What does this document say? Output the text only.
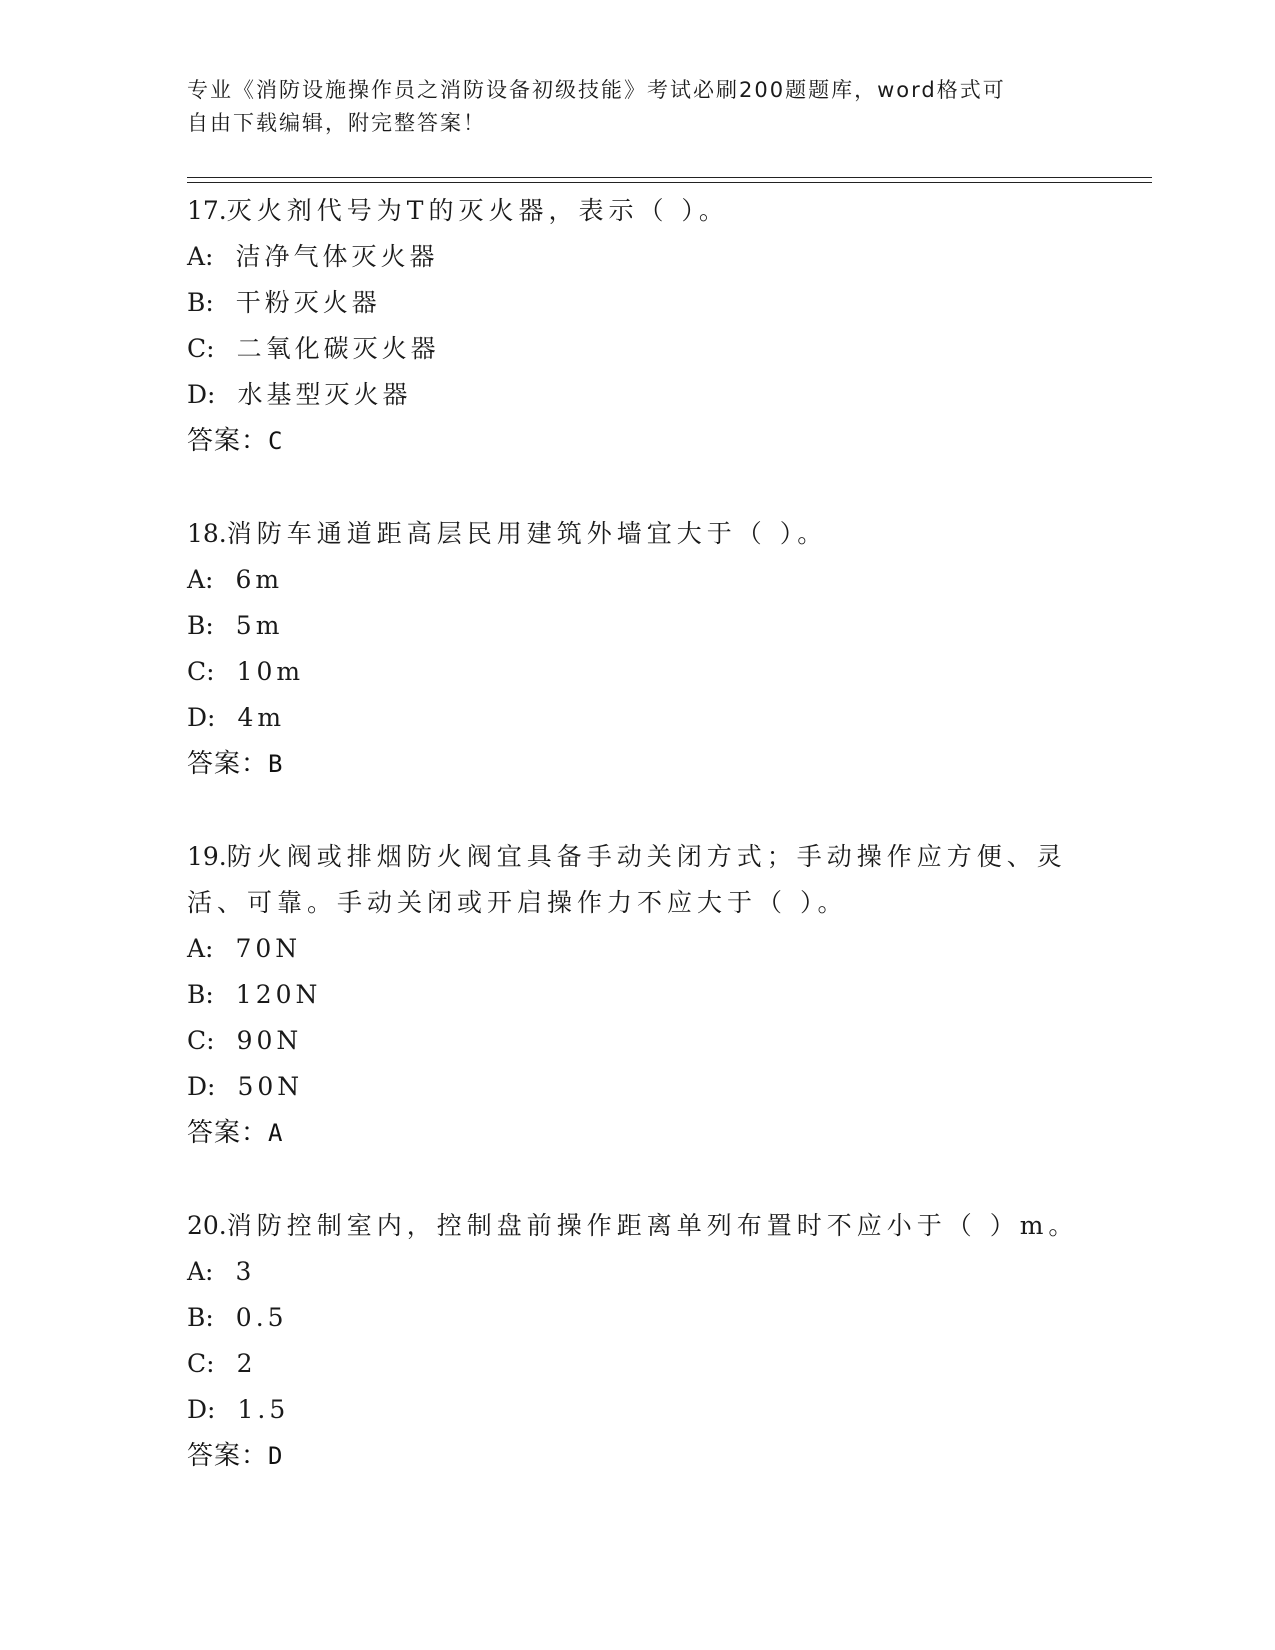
专业《消防设施操作员之消防设备初级技能》考试必刷200题题库，word格式可
自由下载编辑，附完整答案！
17.灭火剂代号为T的灭火器，表示（ ）。
A: 洁净气体灭火器
B: 干粉灭火器
C: 二氧化碳灭火器
D: 水基型灭火器
答案：C
18.消防车通道距高层民用建筑外墙宜大于（ ）。
A: 6m
B: 5m
C: 10m
D: 4m
答案：B
19.防火阀或排烟防火阀宜具备手动关闭方式；手动操作应方便、灵活、可靠。手动关闭或开启操作力不应大于（ ）。
A: 70N
B: 120N
C: 90N
D: 50N
答案：A
20.消防控制室内，控制盘前操作距离单列布置时不应小于（ ）m。
A: 3
B: 0.5
C: 2
D: 1.5
答案：D
